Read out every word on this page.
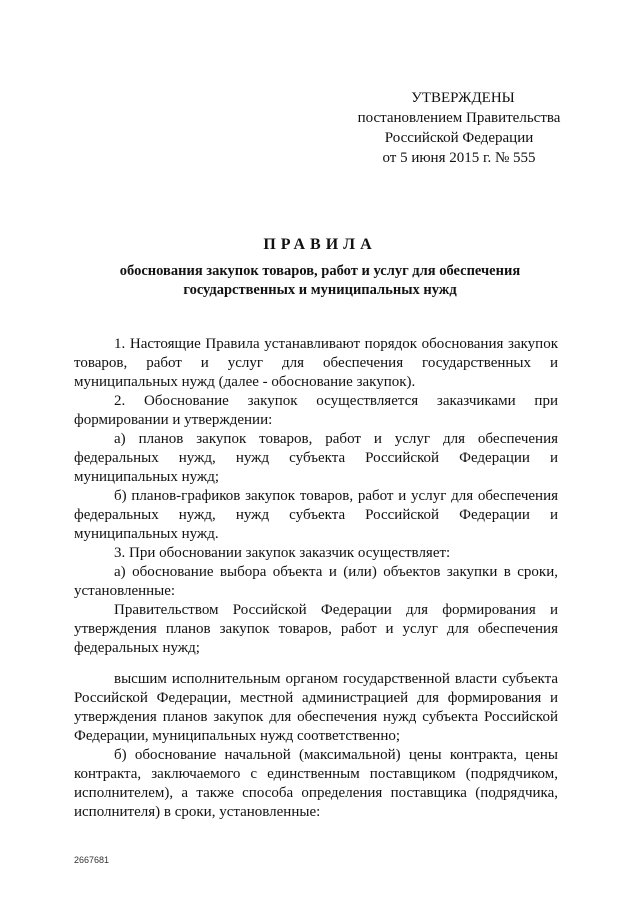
УТВЕРЖДЕНЫ
постановлением Правительства
Российской Федерации
от 5 июня 2015 г. № 555
ПРАВИЛА
обоснования закупок товаров, работ и услуг для обеспечения
государственных и муниципальных нужд

1. Настоящие Правила устанавливают порядок обоснования закупок товаров, работ и услуг для обеспечения государственных и муниципальных нужд (далее - обоснование закупок).

2. Обоснование закупок осуществляется заказчиками при формировании и утверждении:

а) планов закупок товаров, работ и услуг для обеспечения федеральных нужд, нужд субъекта Российской Федерации и муниципальных нужд;

б) планов-графиков закупок товаров, работ и услуг для обеспечения федеральных нужд, нужд субъекта Российской Федерации и муниципальных нужд.

3. При обосновании закупок заказчик осуществляет:

а) обоснование выбора объекта и (или) объектов закупки в сроки, установленные:

Правительством Российской Федерации для формирования и утверждения планов закупок товаров, работ и услуг для обеспечения федеральных нужд;

высшим исполнительным органом государственной власти субъекта Российской Федерации, местной администрацией для формирования и утверждения планов закупок для обеспечения нужд субъекта Российской Федерации, муниципальных нужд соответственно;

б) обоснование начальной (максимальной) цены контракта, цены контракта, заключаемого с единственным поставщиком (подрядчиком, исполнителем), а также способа определения поставщика (подрядчика, исполнителя) в сроки, установленные:

2667681
